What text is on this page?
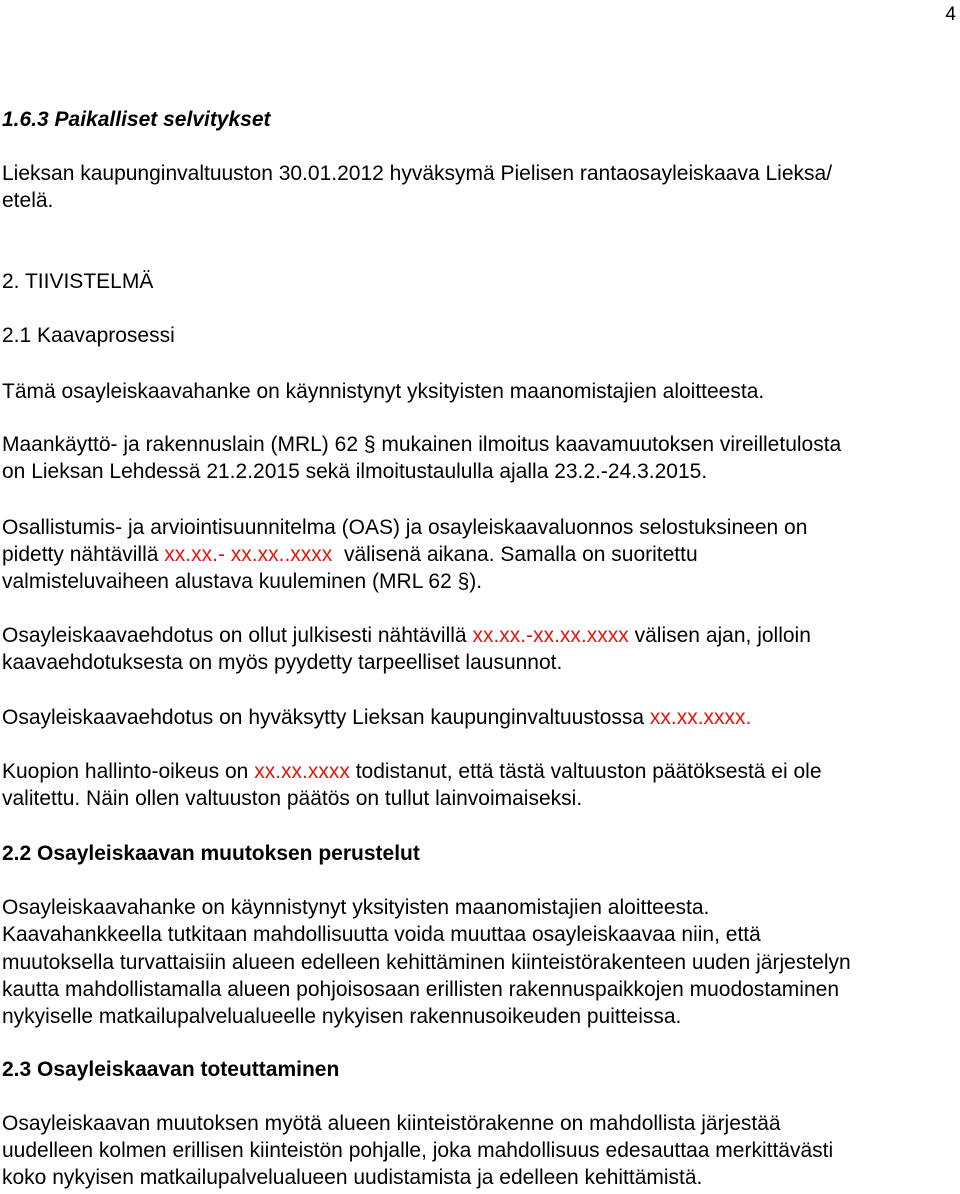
4
1.6.3 Paikalliset selvitykset
Lieksan kaupunginvaltuuston 30.01.2012 hyväksymä Pielisen rantaosayleiskaava Lieksa/
etelä.
2. TIIVISTELMÄ
2.1 Kaavaprosessi
Tämä osayleiskaavahanke on käynnistynyt yksityisten maanomistajien aloitteesta.
Maankäyttö- ja rakennuslain (MRL) 62 § mukainen ilmoitus kaavamuutoksen vireilletulosta
on Lieksan Lehdessä 21.2.2015 sekä ilmoitustaululla ajalla 23.2.-24.3.2015.
Osallistumis- ja arviointisuunnitelma (OAS) ja osayleiskaavaluonnos selostuksineen on
pidetty nähtävillä xx.xx.- xx.xx..xxxx  välisenä aikana. Samalla on suoritettu
valmisteluvaiheen alustava kuuleminen (MRL 62 §).
Osayleiskaavaehdotus on ollut julkisesti nähtävillä xx.xx.-xx.xx.xxxx välisen ajan, jolloin
kaavaehdotuksesta on myös pyydetty tarpeelliset lausunnot.
Osayleiskaavaehdotus on hyväksytty Lieksan kaupunginvaltuustossa xx.xx.xxxx.
Kuopion hallinto-oikeus on xx.xx.xxxx todistanut, että tästä valtuuston päätöksestä ei ole
valitettu. Näin ollen valtuuston päätös on tullut lainvoimaiseksi.
2.2 Osayleiskaavan muutoksen perustelut
Osayleiskaavahanke on käynnistynyt yksityisten maanomistajien aloitteesta.
Kaavahankkeella tutkitaan mahdollisuutta voida muuttaa osayleiskaavaa niin, että
muutoksella turvattaisiin alueen edelleen kehittäminen kiinteistörakenteen uuden järjestelyn
kautta mahdollistamalla alueen pohjoisosaan erillisten rakennuspaikkojen muodostaminen
nykyiselle matkailupalvelualueelle nykyisen rakennusoikeuden puitteissa.
2.3 Osayleiskaavan toteuttaminen
Osayleiskaavan muutoksen myötä alueen kiinteistörakenne on mahdollista järjestää
uudelleen kolmen erillisen kiinteistön pohjalle, joka mahdollisuus edesauttaa merkittävästi
koko nykyisen matkailupalvelualueen uudistamista ja edelleen kehittämistä.
